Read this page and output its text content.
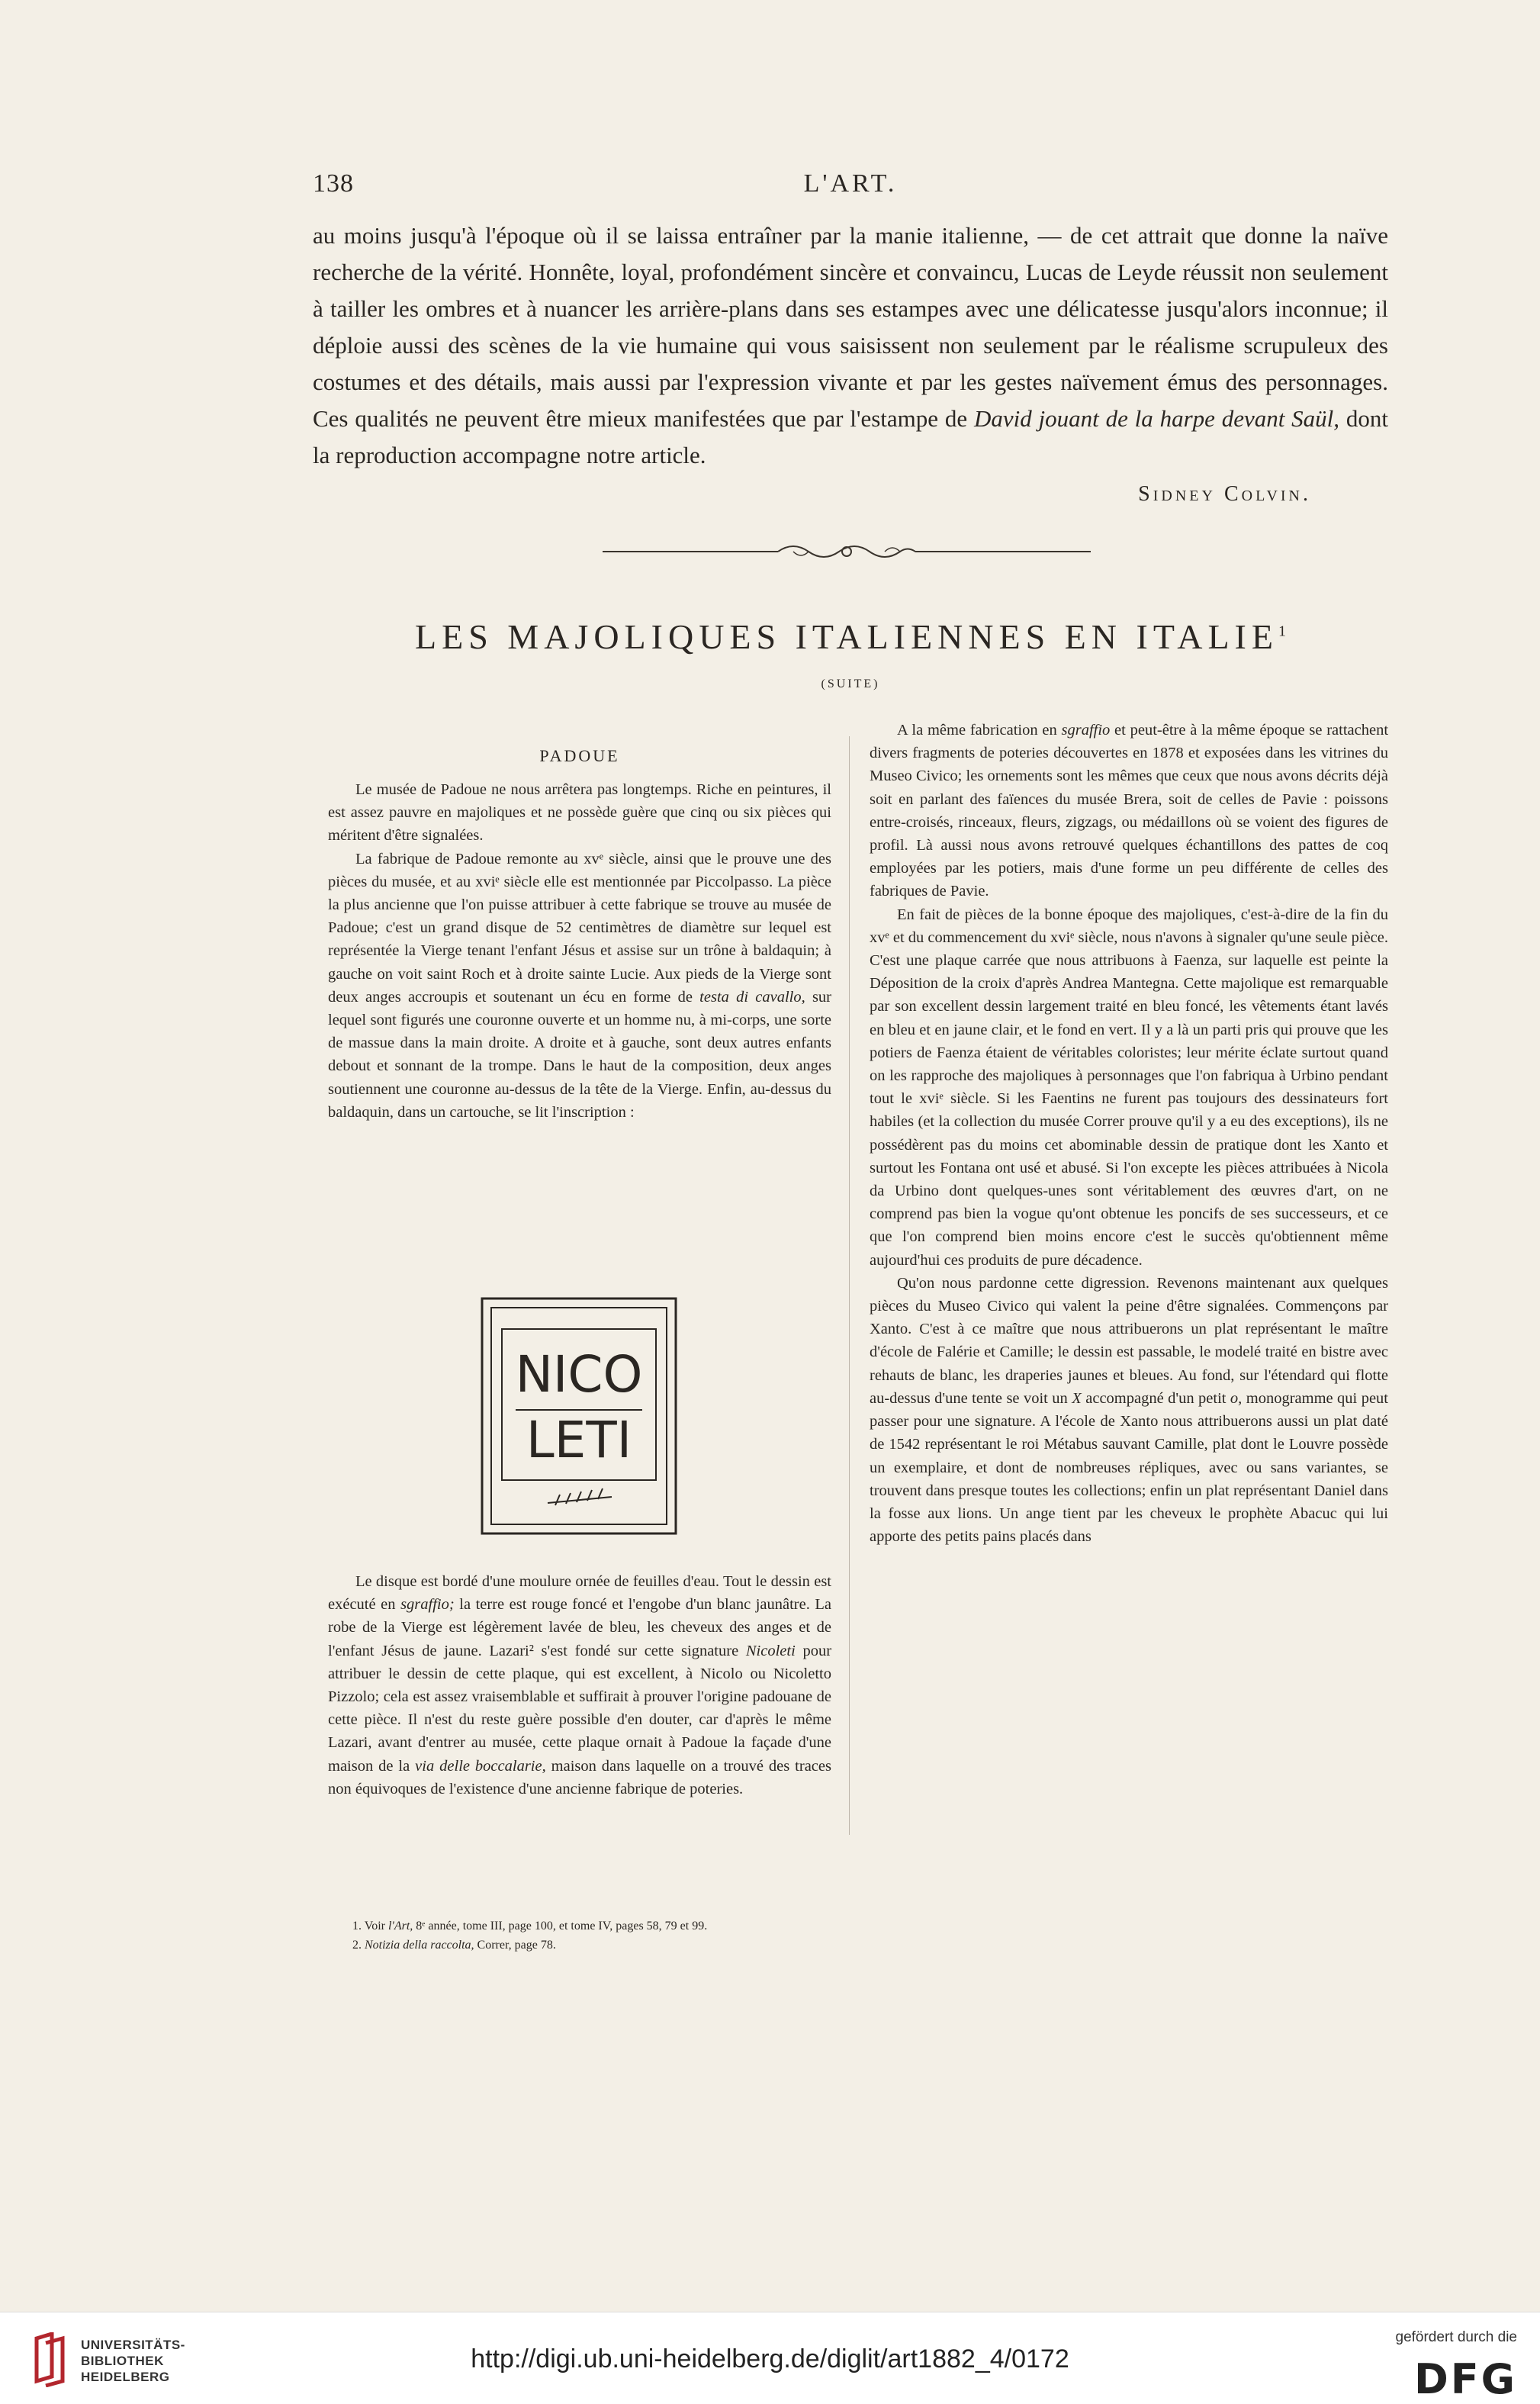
138	L'ART.

au moins jusqu'à l'époque où il se laissa entraîner par la manie italienne, — de cet attrait que donne la naïve recherche de la vérité. Honnête, loyal, profondément sincère et convaincu, Lucas de Leyde réussit non seulement à tailler les ombres et à nuancer les arrière-plans dans ses estampes avec une délicatesse jusqu'alors inconnue; il déploie aussi des scènes de la vie humaine qui vous saisissent non seulement par le réalisme scrupuleux des costumes et des détails, mais aussi par l'expression vivante et par les gestes naïvement émus des personnages. Ces qualités ne peuvent être mieux manifestées que par l'estampe de David jouant de la harpe devant Saül, dont la reproduction accompagne notre article.

Sidney Colvin.
LES MAJOLIQUES ITALIENNES EN ITALIE$^1$
(SUITE)
PADOUE

Le musée de Padoue ne nous arrêtera pas longtemps. Riche en peintures, il est assez pauvre en majoliques et ne possède guère que cinq ou six pièces qui méritent d'être signalées.

La fabrique de Padoue remonte au xvᵉ siècle, ainsi que le prouve une des pièces du musée, et au xviᵉ siècle elle est mentionnée par Piccolpasso. La pièce la plus ancienne que l'on puisse attribuer à cette fabrique se trouve au musée de Padoue; c'est un grand disque de 52 centimètres de diamètre sur lequel est représentée la Vierge tenant l'enfant Jésus et assise sur un trône à baldaquin; à gauche on voit saint Roch et à droite sainte Lucie. Aux pieds de la Vierge sont deux anges accroupis et soutenant un écu en forme de testa di cavallo, sur lequel sont figurés une couronne ouverte et un homme nu, à mi-corps, une sorte de massue dans la main droite. A droite et à gauche, sont deux autres enfants debout et sonnant de la trompe. Dans le haut de la composition, deux anges soutiennent une couronne au-dessus de la tête de la Vierge. Enfin, au-dessus du baldaquin, dans un cartouche, se lit l'inscription :

NICO
LETI

Le disque est bordé d'une moulure ornée de feuilles d'eau. Tout le dessin est exécuté en sgraffio; la terre est rouge foncé et l'engobe d'un blanc jaunâtre. La robe de la Vierge est légèrement lavée de bleu, les cheveux des anges et de l'enfant Jésus de jaune. Lazari² s'est fondé sur cette signature Nicoleti pour attribuer le dessin de cette plaque, qui est excellent, à Nicolo ou Nicoletto Pizzolo; cela est assez vraisemblable et suffirait à prouver l'origine padouane de cette pièce. Il n'est du reste guère possible d'en douter, car d'après le même Lazari, avant d'entrer au musée, cette plaque ornait à Padoue la façade d'une maison de la via delle boccalarie, maison dans laquelle on a trouvé des traces non équivoques de l'existence d'une ancienne fabrique de poteries.

A la même fabrication en sgraffio et peut-être à la même époque se rattachent divers fragments de poteries découvertes en 1878 et exposées dans les vitrines du Museo Civico; les ornements sont les mêmes que ceux que nous avons décrits déjà soit en parlant des faïences du musée Brera, soit de celles de Pavie : poissons entre-croisés, rinceaux, fleurs, zigzags, ou médaillons où se voient des figures de profil. Là aussi nous avons retrouvé quelques échantillons des pattes de coq employées par les potiers, mais d'une forme un peu différente de celles des fabriques de Pavie.

En fait de pièces de la bonne époque des majoliques, c'est-à-dire de la fin du xvᵉ et du commencement du xviᵉ siècle, nous n'avons à signaler qu'une seule pièce. C'est une plaque carrée que nous attribuons à Faenza, sur laquelle est peinte la Déposition de la croix d'après Andrea Mantegna. Cette majolique est remarquable par son excellent dessin largement traité en bleu foncé, les vêtements étant lavés en bleu et en jaune clair, et le fond en vert. Il y a là un parti pris qui prouve que les potiers de Faenza étaient de véritables coloristes; leur mérite éclate surtout quand on les rapproche des majoliques à personnages que l'on fabriqua à Urbino pendant tout le xviᵉ siècle. Si les Faentins ne furent pas toujours des dessinateurs fort habiles (et la collection du musée Correr prouve qu'il y a eu des exceptions), ils ne possédèrent pas du moins cet abominable dessin de pratique dont les Xanto et surtout les Fontana ont usé et abusé. Si l'on excepte les pièces attribuées à Nicola da Urbino dont quelques-unes sont véritablement des œuvres d'art, on ne comprend pas bien la vogue qu'ont obtenue les poncifs de ses successeurs, et ce que l'on comprend bien moins encore c'est le succès qu'obtiennent même aujourd'hui ces produits de pure décadence.

Qu'on nous pardonne cette digression. Revenons maintenant aux quelques pièces du Museo Civico qui valent la peine d'être signalées. Commençons par Xanto. C'est à ce maître que nous attribuerons un plat représentant le maître d'école de Falérie et Camille; le dessin est passable, le modelé traité en bistre avec rehauts de blanc, les draperies jaunes et bleues. Au fond, sur l'étendard qui flotte au-dessus d'une tente se voit un X accompagné d'un petit o, monogramme qui peut passer pour une signature. A l'école de Xanto nous attribuerons aussi un plat daté de 1542 représentant le roi Métabus sauvant Camille, plat dont le Louvre possède un exemplaire, et dont de nombreuses répliques, avec ou sans variantes, se trouvent dans presque toutes les collections; enfin un plat représentant Daniel dans la fosse aux lions. Un ange tient par les cheveux le prophète Abacuc qui lui apporte des petits pains placés dans

1. Voir l'Art, 8ᵉ année, tome III, page 100, et tome IV, pages 58, 79 et 99.
2. Notizia della raccolta, Correr, page 78.
UNIVERSITÄTS-
BIBLIOTHEK
HEIDELBERG
http://digi.ub.uni-heidelberg.de/diglit/art1882_4/0172
gefördert durch die
DFG
